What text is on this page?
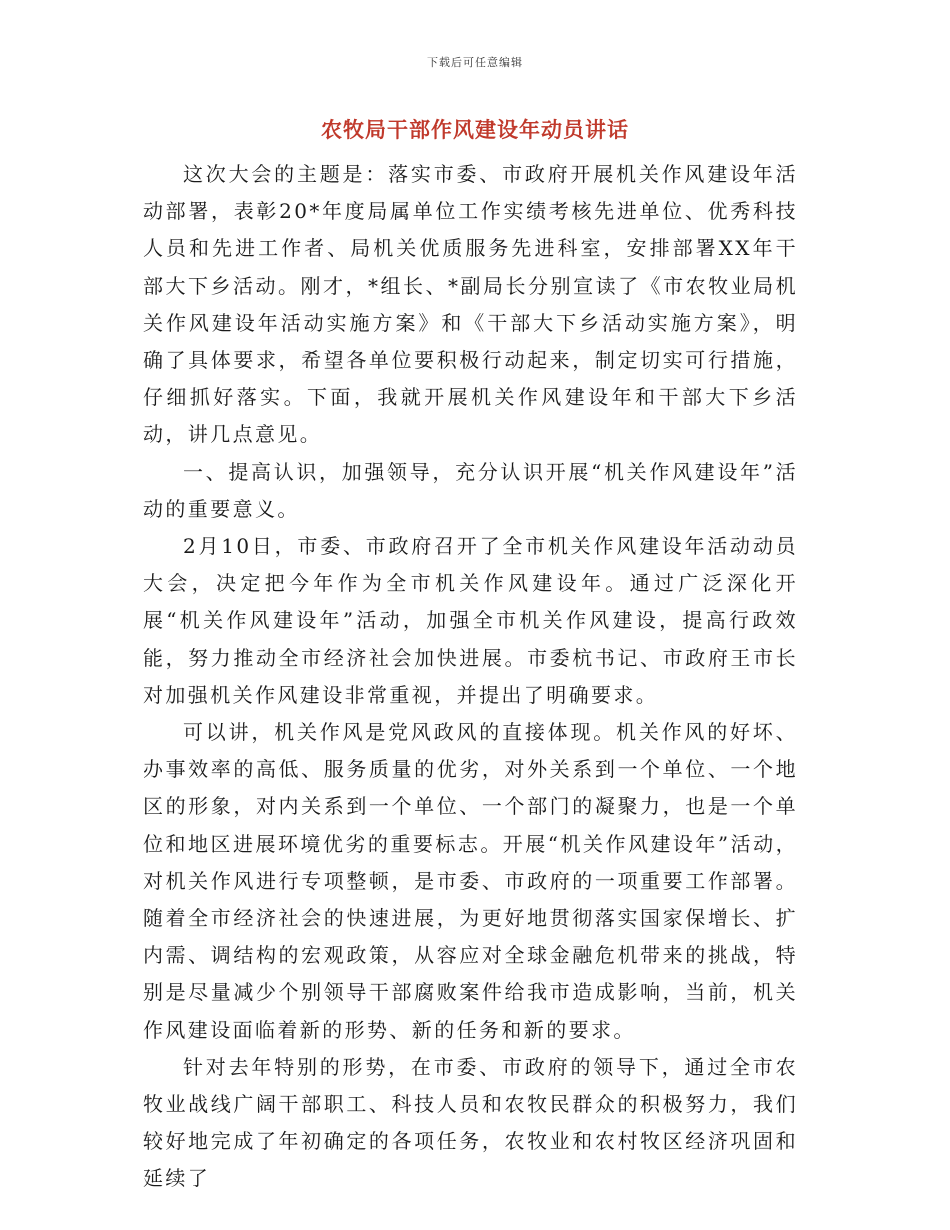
下载后可任意编辑
农牧局干部作风建设年动员讲话

这次大会的主题是：落实市委、市政府开展机关作风建设年活动部署，表彰20*年度局属单位工作实绩考核先进单位、优秀科技人员和先进工作者、局机关优质服务先进科室，安排部署XX年干部大下乡活动。刚才，*组长、*副局长分别宣读了《市农牧业局机关作风建设年活动实施方案》和《干部大下乡活动实施方案》，明确了具体要求，希望各单位要积极行动起来，制定切实可行措施，仔细抓好落实。下面，我就开展机关作风建设年和干部大下乡活动，讲几点意见。

一、提高认识，加强领导，充分认识开展“机关作风建设年”活动的重要意义。

2月10日，市委、市政府召开了全市机关作风建设年活动动员大会，决定把今年作为全市机关作风建设年。通过广泛深化开展“机关作风建设年”活动，加强全市机关作风建设，提高行政效能，努力推动全市经济社会加快进展。市委杭书记、市政府王市长对加强机关作风建设非常重视，并提出了明确要求。

可以讲，机关作风是党风政风的直接体现。机关作风的好坏、办事效率的高低、服务质量的优劣，对外关系到一个单位、一个地区的形象，对内关系到一个单位、一个部门的凝聚力，也是一个单位和地区进展环境优劣的重要标志。开展“机关作风建设年”活动，对机关作风进行专项整顿，是市委、市政府的一项重要工作部署。随着全市经济社会的快速进展，为更好地贯彻落实国家保增长、扩内需、调结构的宏观政策，从容应对全球金融危机带来的挑战，特别是尽量减少个别领导干部腐败案件给我市造成影响，当前，机关作风建设面临着新的形势、新的任务和新的要求。

针对去年特别的形势，在市委、市政府的领导下，通过全市农牧业战线广阔干部职工、科技人员和农牧民群众的积极努力，我们较好地完成了年初确定的各项任务，农牧业和农村牧区经济巩固和延续了
